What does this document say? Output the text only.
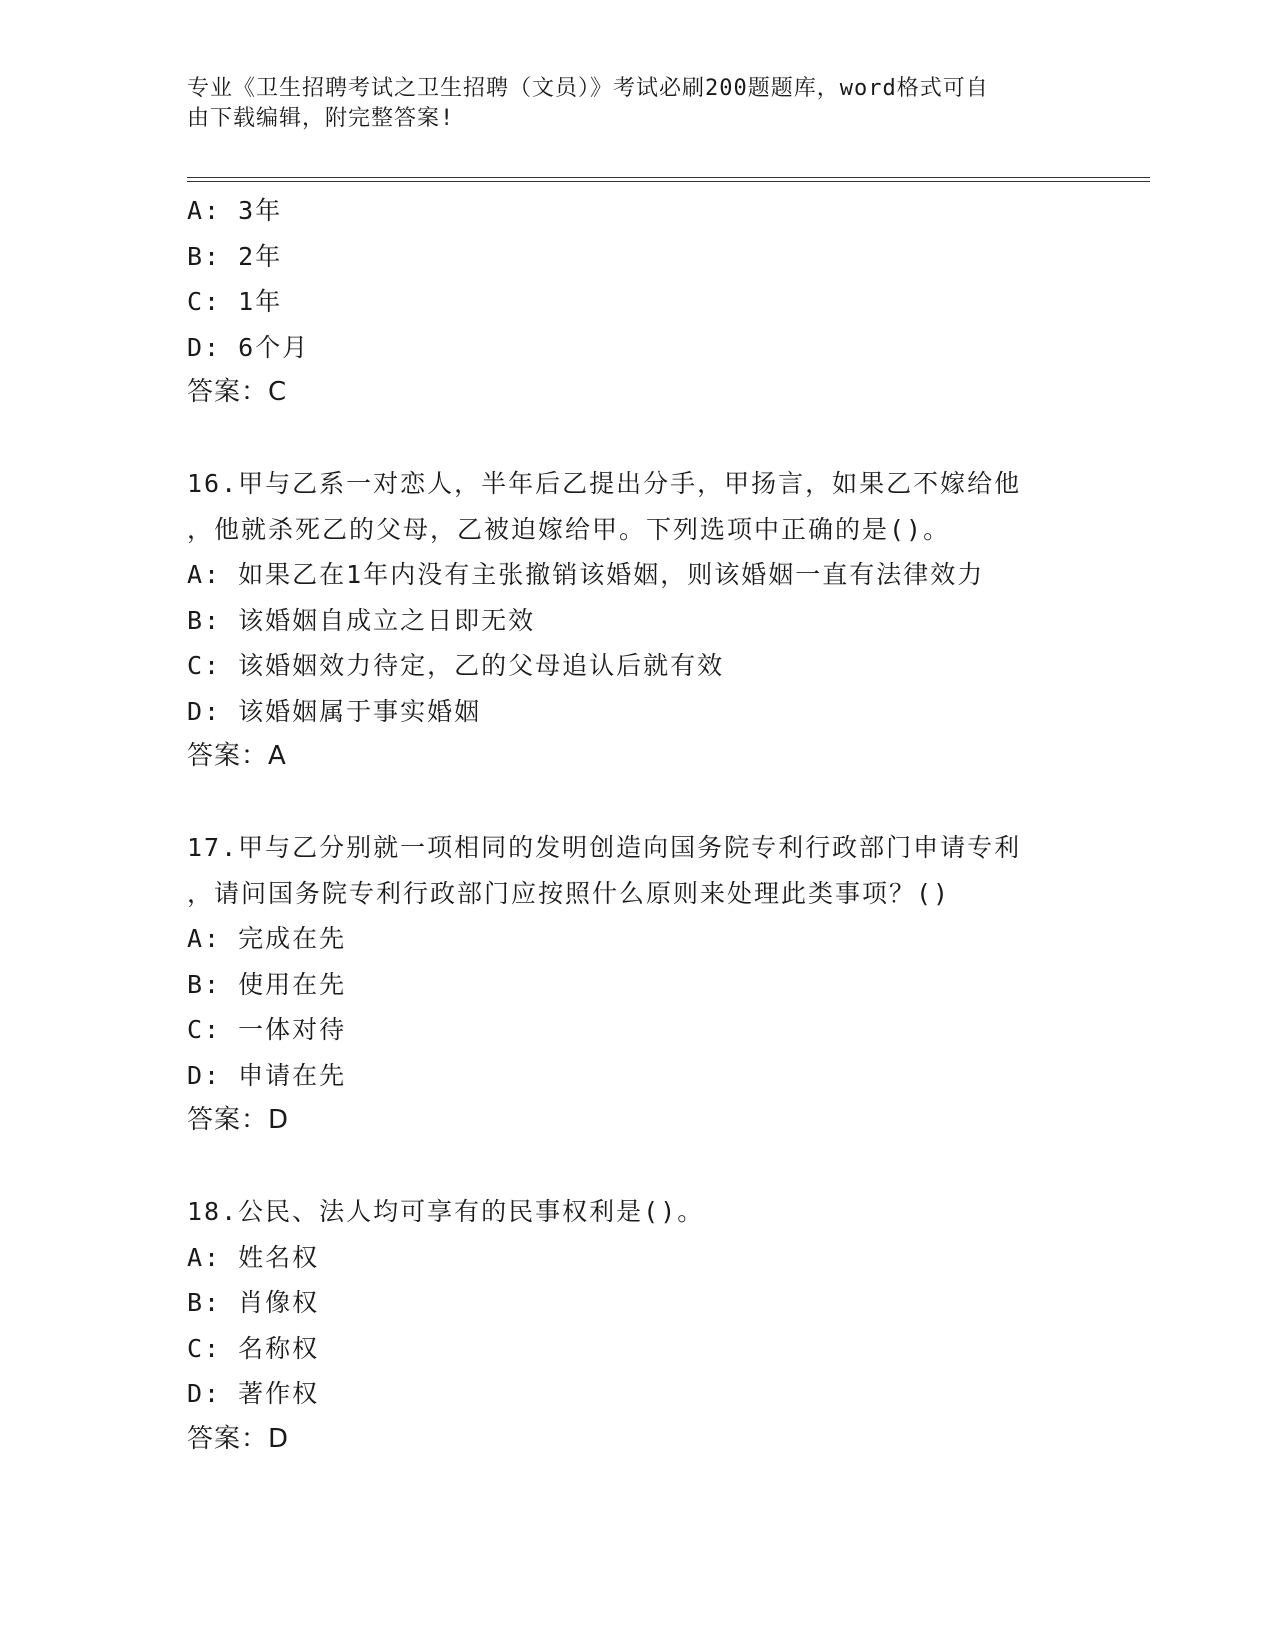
专业《卫生招聘考试之卫生招聘（文员）》考试必刷200题题库，word格式可自
由下载编辑，附完整答案!

A: 3年

B: 2年

C: 1年

D: 6个月

答案：C

16.甲与乙系一对恋人，半年后乙提出分手，甲扬言，如果乙不嫁给他

，他就杀死乙的父母，乙被迫嫁给甲。下列选项中正确的是()。

A: 如果乙在1年内没有主张撤销该婚姻，则该婚姻一直有法律效力

B: 该婚姻自成立之日即无效

C: 该婚姻效力待定，乙的父母追认后就有效

D: 该婚姻属于事实婚姻

答案：A

17.甲与乙分别就一项相同的发明创造向国务院专利行政部门申请专利

，请问国务院专利行政部门应按照什么原则来处理此类事项？()

A: 完成在先

B: 使用在先

C: 一体对待

D: 申请在先

答案：D

18.公民、法人均可享有的民事权利是()。

A: 姓名权

B: 肖像权

C: 名称权

D: 著作权

答案：D
